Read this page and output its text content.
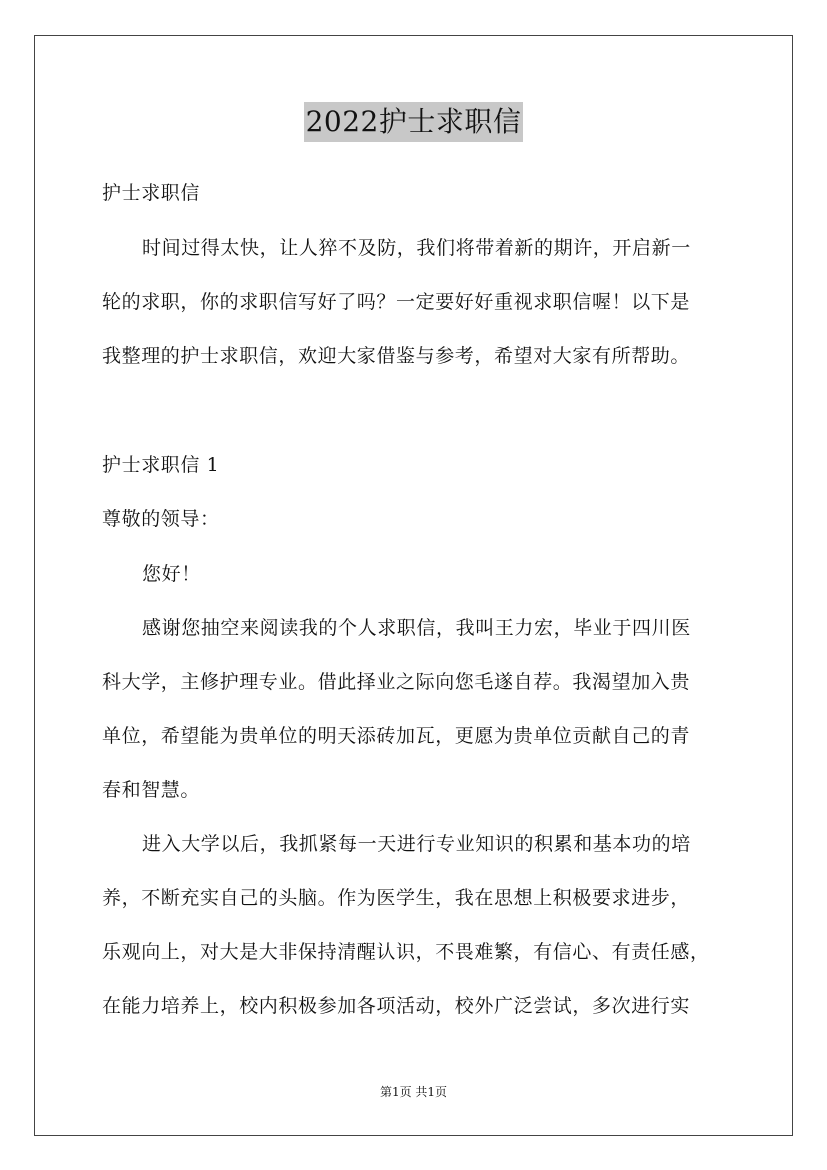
2022护士求职信
护士求职信
时间过得太快，让人猝不及防，我们将带着新的期许，开启新一
轮的求职，你的求职信写好了吗？一定要好好重视求职信喔！以下是
我整理的护士求职信，欢迎大家借鉴与参考，希望对大家有所帮助。
护士求职信 1
尊敬的领导：
您好！
感谢您抽空来阅读我的个人求职信，我叫王力宏，毕业于四川医
科大学，主修护理专业。借此择业之际向您毛遂自荐。我渴望加入贵
单位，希望能为贵单位的明天添砖加瓦，更愿为贵单位贡献自己的青
春和智慧。
进入大学以后，我抓紧每一天进行专业知识的积累和基本功的培
养，不断充实自己的头脑。作为医学生，我在思想上积极要求进步，
乐观向上，对大是大非保持清醒认识，不畏难繁，有信心、有责任感，
在能力培养上，校内积极参加各项活动，校外广泛尝试，多次进行实
第1页 共1页
